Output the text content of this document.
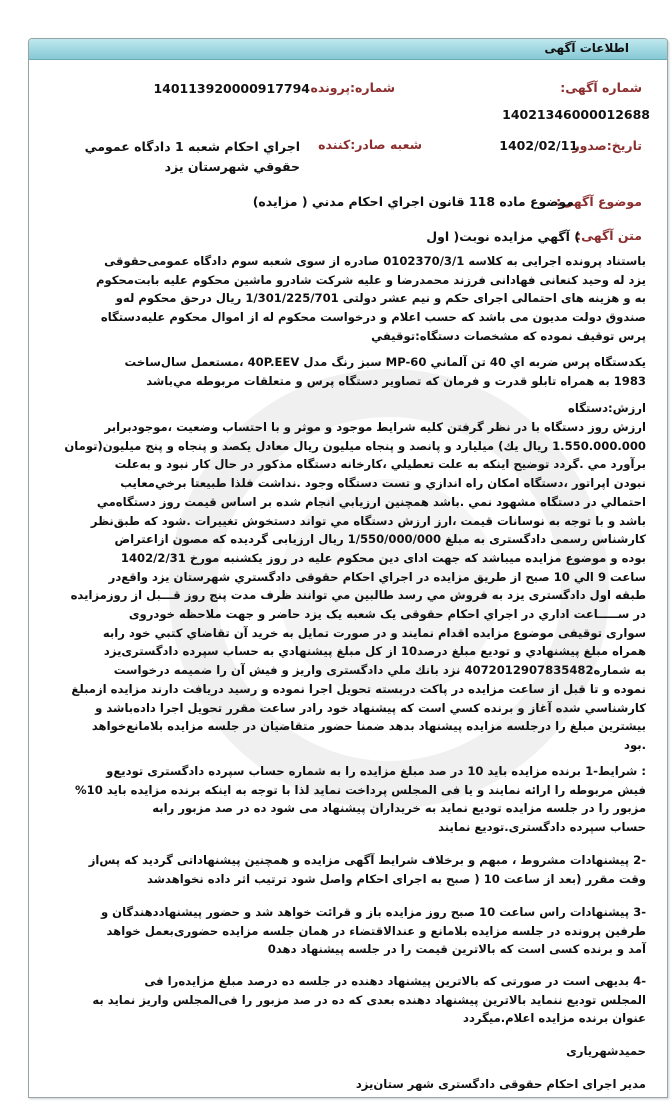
اطلاعات آگهی
شماره آگهی:
14021346000012688
شماره:پرونده
140113920000917794
تاریخ:صدور
1402/02/11
شعبه صادر:کننده
اجراي احكام شعبه 1 دادگاه عمومي
حقوقي شهرستان يزد
موضوع آگهی:
موضوع ماده 118 قانون اجراي احكام مدني ( مزايده)
متن آگهی:
) آگهي مزايده نوبت( اول
باستناد پرونده اجرایی به کلاسه 0102370/3/1 صادره از سوی شعبه سوم دادگاه عمومی‌حقوقی
یزد له وحید کنعانی فهادانی فرزند محمدرضا و علیه شرکت شادرو ماشین محکوم علیه بابت‌محکوم
به و هزینه های احتمالی اجرای حکم و نیم عشر دولتی 1/301/225/701 ریال درحق محکوم له‌و
صندوق دولت مدیون می باشد که حسب اعلام و درخواست محکوم له از اموال محکوم علیه‌دستگاه
پرس توقیف نموده که مشخصات دستگاه:توقیفي
يكدستگاه پرس ضربه اي 40 تن آلماني MP-60 سبز رنگ مدل 40P.EEV ،مستعمل سال‌ساخت
1983 به همراه تابلو قدرت و فرمان كه تصاوير دستگاه پرس و متعلقات مربوطه مي‌باشد
ارزش:دستگاه
ارزش روز دستگاه با در نظر گرفتن كليه شرايط موجود و موثر و با احتساب وضعيت ،موجودبرابر
1.550.000.000 ريال يك) ميليارد و پانصد و پنجاه ميليون ريال معادل يكصد و پنجاه و پنج ميليون(تومان
برآورد مي .گردد توضيح اينكه به علت تعطيلي ،كارخانه دستگاه مذكور در حال كار نبود و به‌علت
نبودن اپراتور ،دستگاه امكان راه اندازي و تست دستگاه وجود .نداشت فلذا طبيعتا برخي‌معايب
احتمالي در دستگاه مشهود نمي .باشد همچنين ارزيابي انجام شده بر اساس قيمت روز دستگاه‌مي
باشد و با توجه به نوسانات قيمت ،ارز ارزش دستگاه مي تواند دستخوش تغييرات .شود كه طبق‌نظر
کارشناس رسمی دادگستری به مبلغ 1/550/000/000 ریال ارزیابی گردیده که مصون ازاعتراض
بوده و موضوع مزایده میباشد که جهت ادای دین محکوم علیه در روز یکشنبه مورخ 1402/2/31
ساعت 9 الي 10 صبح از طريق مزايده در اجراي احكام حقوقی دادگستري شهرستان يزد واقع‌در
طبقه اول دادگستری یزد به فروش مي رسد طالبين مي توانند ظرف مدت پنج روز قـــبل از روزمزايده
در ســـــاعت اداري در اجراي احكام حقوقی یک شعبه یک یزد حاضر و جهت ملاحظه خودروی
سواری توقیفی موضوع مزايده اقدام نمايند و در صورت تمايل به خريد آن تقاضاي كتبي خود رابه
همراه مبلغ پيشنهادي و توديع مبلغ درصد10 از كل مبلغ پيشنهادي به حساب سپرده دادگستری‌یزد
به شماره4072012907835482 نزد بانك ملي دادگستری واريز و فيش آن را ضميمه درخواست
نموده و تا قبل از ساعت مزايده در پاكت دربسته تحويل اجرا نموده و رسيد دريافت دارند مزايده ازمبلغ
كارشناسي شده آغاز و برنده كسي است كه پيشنهاد خود رادر ساعت مقرر تحويل اجرا داده‌باشد و
بيشترين مبلغ را درجلسه مزايده پيشنهاد بدهد ضمنا حضور متقاضيان در جلسه مزايده بلامانع‌خواهد
.بود
: شرایط-1 برنده مزایده باید 10 در صد مبلغ مزایده را به شماره حساب سپرده دادگستری تودیع‌و
فیش مربوطه را ارائه نمایند و یا فی المجلس پرداخت نماید لذا با توجه به اینکه برنده مزایده باید 10%
مزبور را در جلسه مزایده تودیع نماید به خریداران پیشنهاد می شود ده در صد مزبور رابه
حساب سپرده دادگستری.تودیع نمایند
-2 پیشنهادات مشروط ، مبهم و برخلاف شرایط آگهی مزایده و همچنین پیشنهاداتی گردید که پس‌از
وقت مقرر (بعد از ساعت 10 ( صبح به اجرای احکام واصل شود ترتیب اثر داده نخواهدشد
-3 پیشنهادات راس ساعت 10 صبح روز مزایده باز و قرائت خواهد شد و حضور پیشنهاددهندگان و
طرفین پرونده در جلسه مزایده بلامانع و عندالاقتضاء در همان جلسه مزایده حضوری‌بعمل خواهد
آمد و برنده کسی است که بالاترین قیمت را در جلسه پیشنهاد دهد0
-4 بدیهی است در صورتی که بالاترین پیشنهاد دهنده در جلسه ده درصد مبلغ مزایده‌را فی
المجلس تودیع ننماید بالاترین پیشنهاد دهنده بعدی که ده در صد مزبور را فی‌المجلس واریز نماید به
عنوان برنده مزایده اعلام.میگردد
حمیدشهریاری
مدیر اجرای احکام حقوقی دادگستری شهر ستان‌یزد
